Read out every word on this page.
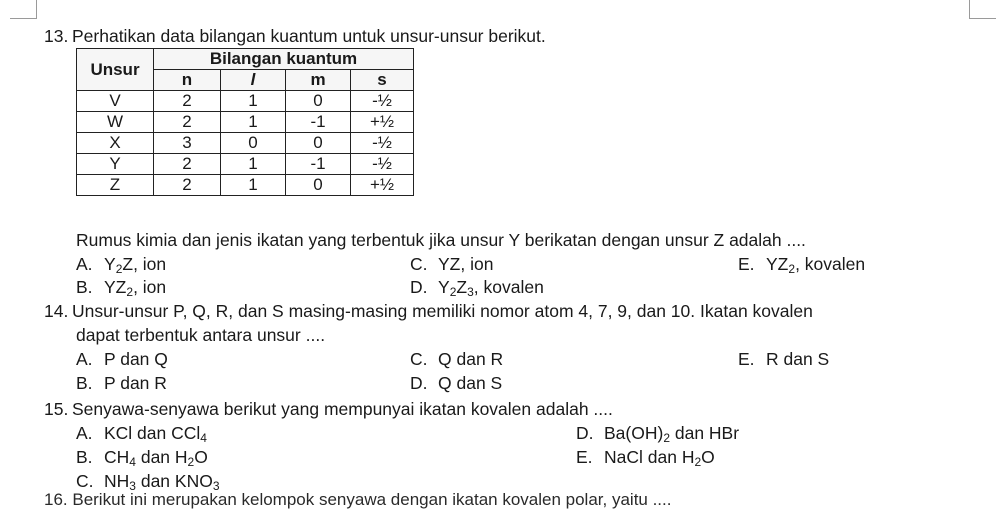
13. Perhatikan data bilangan kuantum untuk unsur-unsur berikut.
Unsur	Bilangan kuantum			
	n	l	m	s
V	2	1	0	-½
W	2	1	-1	+½
X	3	0	0	-½
Y	2	1	-1	-½
Z	2	1	0	+½
Rumus kimia dan jenis ikatan yang terbentuk jika unsur Y berikatan dengan unsur Z adalah ....
A. $Y_2Z$, ion	C. YZ, ion	E. $YZ_2$, kovalen
B. $YZ_2$, ion	D. $Y_2Z_3$, kovalen
14. Unsur-unsur P, Q, R, dan S masing-masing memiliki nomor atom 4, 7, 9, dan 10. Ikatan kovalen
dapat terbentuk antara unsur ....
A. P dan Q	C. Q dan R	E. R dan S
B. P dan R	D. Q dan S
15. Senyawa-senyawa berikut yang mempunyai ikatan kovalen adalah ....
A. KCl dan CCl$_4$	D. $Ba(OH)_2$ dan HBr
B. $CH_4$ dan $H_2O$	E. NaCl dan $H_2O$
C. $NH_3$ dan $KNO_3$
16. Berikut ini merupakan kelompok senyawa dengan ikatan kovalen polar, yaitu ....
